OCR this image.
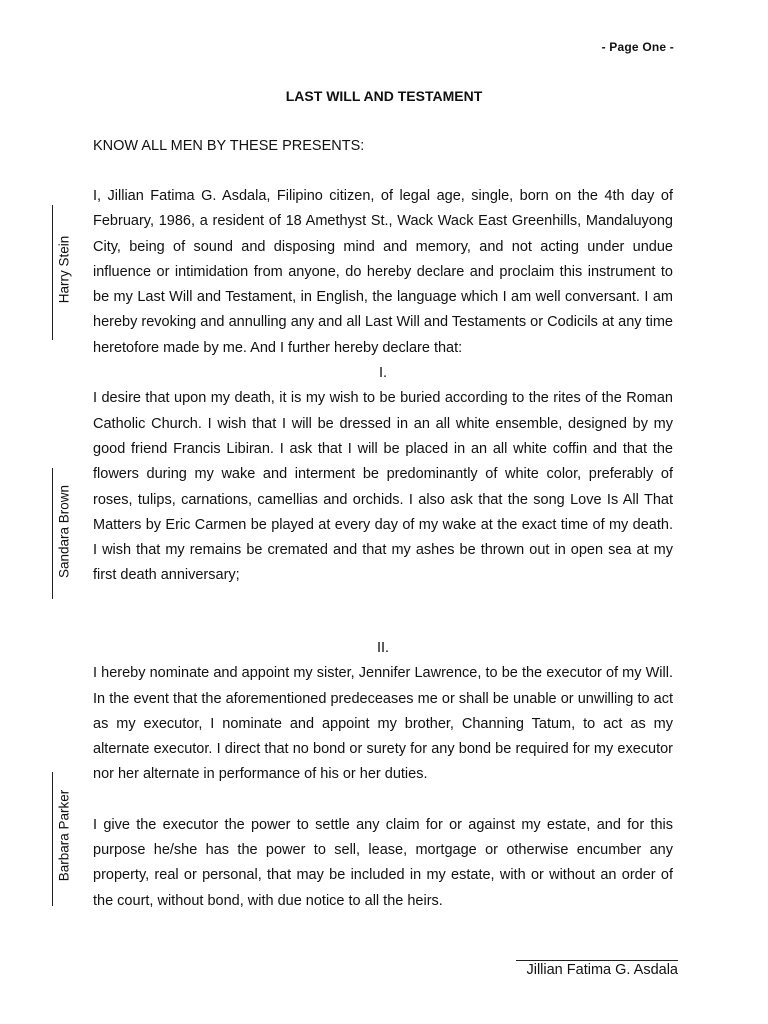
- Page One -
LAST WILL AND TESTAMENT
KNOW ALL MEN BY THESE PRESENTS:

I, Jillian Fatima G. Asdala, Filipino citizen, of legal age, single, born on the 4th day of February, 1986, a resident of 18 Amethyst St., Wack Wack East Greenhills, Mandaluyong City, being of sound and disposing mind and memory, and not acting under undue influence or intimidation from anyone, do hereby declare and proclaim this instrument to be my Last Will and Testament, in English, the language which I am well conversant. I am hereby revoking and annulling any and all Last Will and Testaments or Codicils at any time heretofore made by me. And I further hereby declare that:

I.

I desire that upon my death, it is my wish to be buried according to the rites of the Roman Catholic Church. I wish that I will be dressed in an all white ensemble, designed by my good friend Francis Libiran. I ask that I will be placed in an all white coffin and that the flowers during my wake and interment be predominantly of white color, preferably of roses, tulips, carnations, camellias and orchids. I also ask that the song Love Is All That Matters by Eric Carmen be played at every day of my wake at the exact time of my death. I wish that my remains be cremated and that my ashes be thrown out in open sea at my first death anniversary;

II.

I hereby nominate and appoint my sister, Jennifer Lawrence, to be the executor of my Will. In the event that the aforementioned predeceases me or shall be unable or unwilling to act as my executor, I nominate and appoint my brother, Channing Tatum, to act as my alternate executor. I direct that no bond or surety for any bond be required for my executor nor her alternate in performance of his or her duties.

I give the executor the power to settle any claim for or against my estate, and for this purpose he/she has the power to sell, lease, mortgage or otherwise encumber any property, real or personal, that may be included in my estate, with or without an order of the court, without bond, with due notice to all the heirs.

Harry Stein
Sandara Brown
Barbara Parker
Jillian Fatima G. Asdala
